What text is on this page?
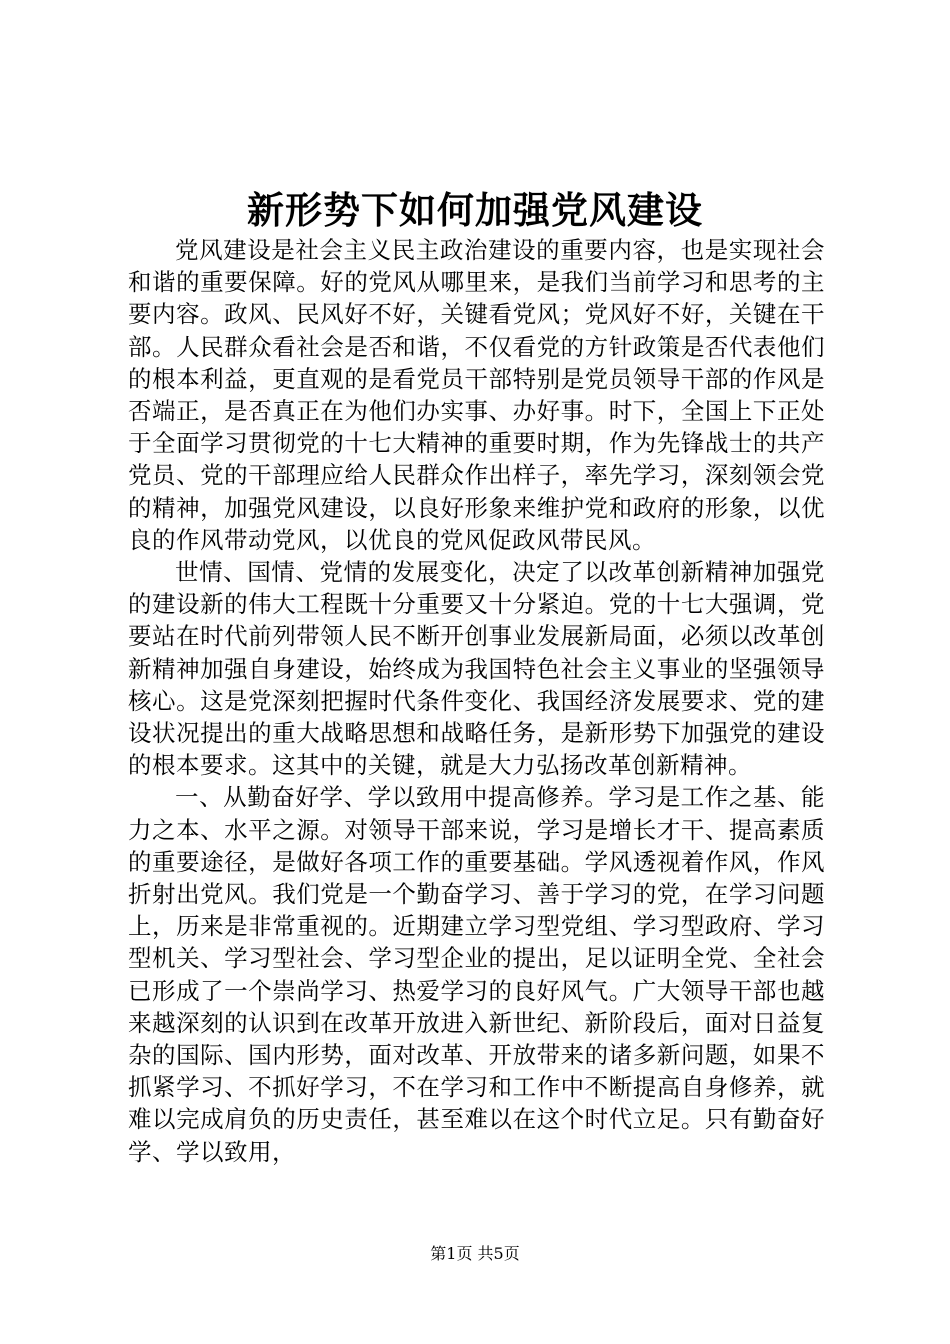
新形势下如何加强党风建设

党风建设是社会主义民主政治建设的重要内容，也是实现社会和谐的重要保障。好的党风从哪里来，是我们当前学习和思考的主要内容。政风、民风好不好，关键看党风；党风好不好，关键在干部。人民群众看社会是否和谐，不仅看党的方针政策是否代表他们的根本利益，更直观的是看党员干部特别是党员领导干部的作风是否端正，是否真正在为他们办实事、办好事。时下，全国上下正处于全面学习贯彻党的十七大精神的重要时期，作为先锋战士的共产党员、党的干部理应给人民群众作出样子，率先学习，深刻领会党的精神，加强党风建设，以良好形象来维护党和政府的形象，以优良的作风带动党风，以优良的党风促政风带民风。

世情、国情、党情的发展变化，决定了以改革创新精神加强党的建设新的伟大工程既十分重要又十分紧迫。党的十七大强调，党要站在时代前列带领人民不断开创事业发展新局面，必须以改革创新精神加强自身建设，始终成为我国特色社会主义事业的坚强领导核心。这是党深刻把握时代条件变化、我国经济发展要求、党的建设状况提出的重大战略思想和战略任务，是新形势下加强党的建设的根本要求。这其中的关键，就是大力弘扬改革创新精神。

一、从勤奋好学、学以致用中提高修养。学习是工作之基、能力之本、水平之源。对领导干部来说，学习是增长才干、提高素质的重要途径，是做好各项工作的重要基础。学风透视着作风，作风折射出党风。我们党是一个勤奋学习、善于学习的党，在学习问题上，历来是非常重视的。近期建立学习型党组、学习型政府、学习型机关、学习型社会、学习型企业的提出，足以证明全党、全社会已形成了一个崇尚学习、热爱学习的良好风气。广大领导干部也越来越深刻的认识到在改革开放进入新世纪、新阶段后，面对日益复杂的国际、国内形势，面对改革、开放带来的诸多新问题，如果不抓紧学习、不抓好学习，不在学习和工作中不断提高自身修养，就难以完成肩负的历史责任，甚至难以在这个时代立足。只有勤奋好学、学以致用，

第1页 共5页
